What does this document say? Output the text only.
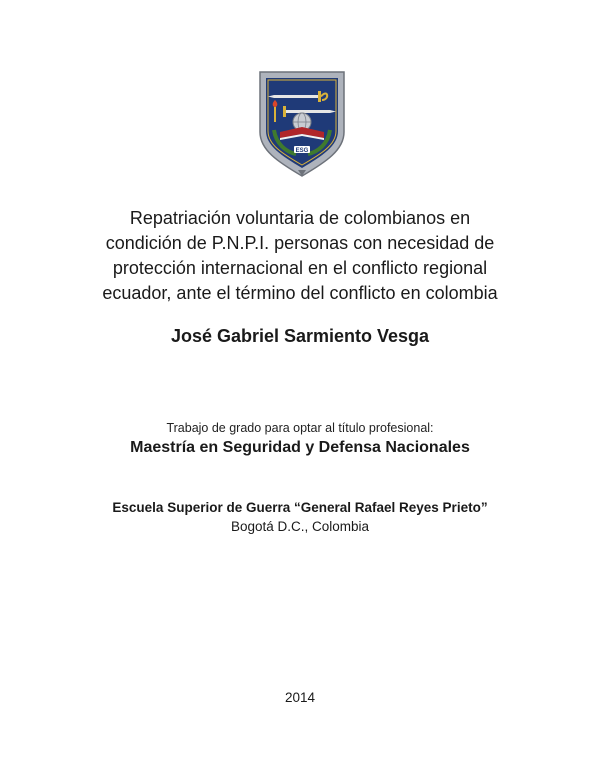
ESG
Repatriación voluntaria de colombianos en
condición de P.N.P.I. personas con necesidad de
protección internacional en el conflicto regional
ecuador, ante el término del conflicto en colombia
José Gabriel Sarmiento Vesga
Trabajo de grado para optar al título profesional:
Maestría en Seguridad y Defensa Nacionales
Escuela Superior de Guerra “General Rafael Reyes Prieto”
Bogotá D.C., Colombia
2014
